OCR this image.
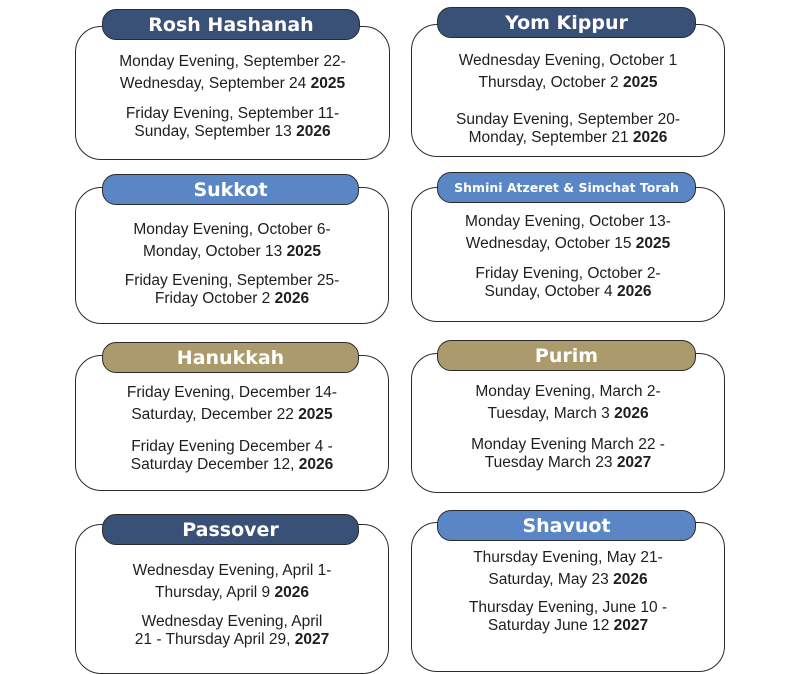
Monday Evening, September 22-
Wednesday, September 24 2025
Friday Evening, September 11-
Sunday, September 13 2026
Rosh Hashanah
Wednesday Evening, October 1
Thursday, October 2 2025
Sunday Evening, September 20-
Monday, September 21 2026
Yom Kippur
Monday Evening, October 6-
Monday, October 13 2025
Friday Evening, September 25-
Friday October 2 2026
Sukkot
Monday Evening, October 13-
Wednesday, October 15 2025
Friday Evening, October 2-
Sunday, October 4 2026
Shmini Atzeret & Simchat Torah
Friday Evening, December 14-
Saturday, December 22 2025
Friday Evening December 4 -
Saturday December 12, 2026
Hanukkah
Monday Evening, March 2-
Tuesday, March 3 2026
Monday Evening March 22 -
Tuesday March 23 2027
Purim
Wednesday Evening, April 1-
Thursday, April 9 2026
Wednesday Evening, April
21 - Thursday April 29, 2027
Passover
Thursday Evening, May 21-
Saturday, May 23 2026
Thursday Evening, June 10 -
Saturday June 12 2027
Shavuot
